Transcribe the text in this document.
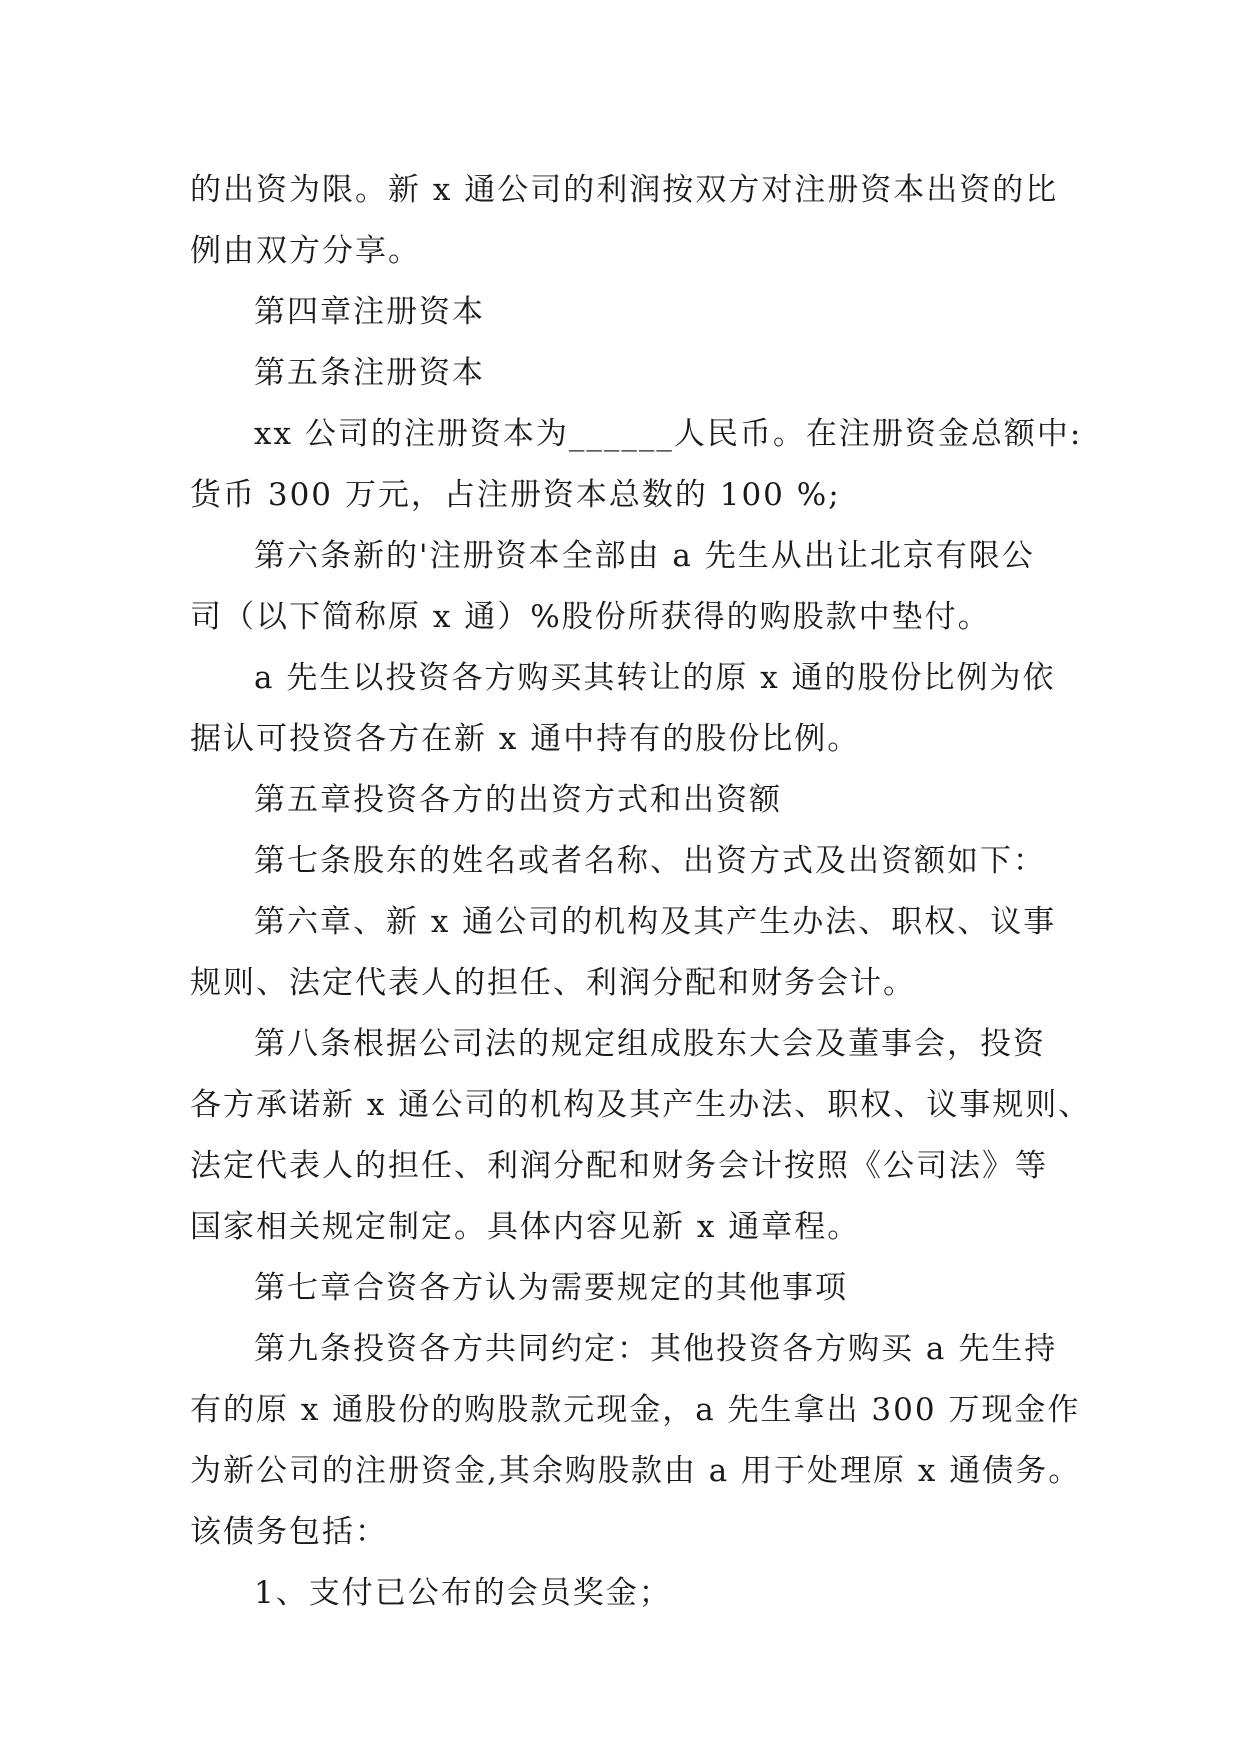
的出资为限。新 x 通公司的利润按双方对注册资本出资的比
例由双方分享。
第四章注册资本
第五条注册资本
xx 公司的注册资本为______人民币。在注册资金总额中:
货币 300 万元，占注册资本总数的 100 %;
第六条新的'注册资本全部由 a 先生从出让北京有限公
司（以下简称原 x 通）%股份所获得的购股款中垫付。
a 先生以投资各方购买其转让的原 x 通的股份比例为依
据认可投资各方在新 x 通中持有的股份比例。
第五章投资各方的出资方式和出资额
第七条股东的姓名或者名称、出资方式及出资额如下：
第六章、新 x 通公司的机构及其产生办法、职权、议事
规则、法定代表人的担任、利润分配和财务会计。
第八条根据公司法的规定组成股东大会及董事会，投资
各方承诺新 x 通公司的机构及其产生办法、职权、议事规则、
法定代表人的担任、利润分配和财务会计按照《公司法》等
国家相关规定制定。具体内容见新 x 通章程。
第七章合资各方认为需要规定的其他事项
第九条投资各方共同约定：其他投资各方购买 a 先生持
有的原 x 通股份的购股款元现金，a 先生拿出 300 万现金作
为新公司的注册资金,其余购股款由 a 用于处理原 x 通债务。
该债务包括：
1、支付已公布的会员奖金；
